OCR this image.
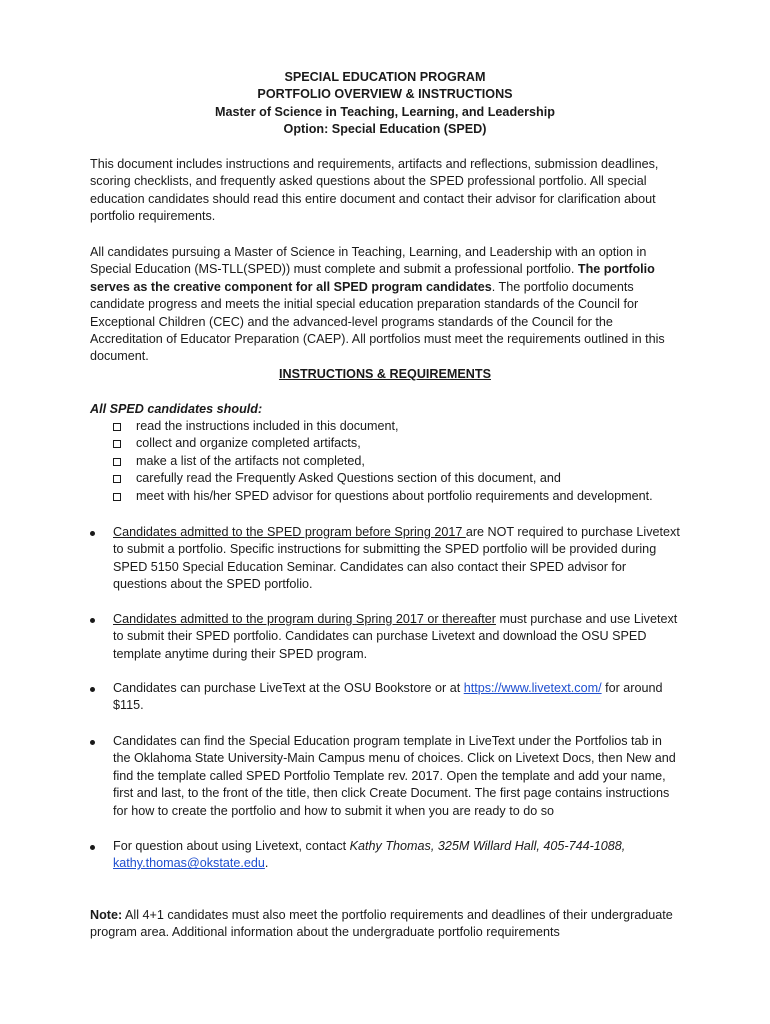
SPECIAL EDUCATION PROGRAM
PORTFOLIO OVERVIEW & INSTRUCTIONS
Master of Science in Teaching, Learning, and Leadership
Option: Special Education (SPED)

This document includes instructions and requirements, artifacts and reflections, submission deadlines, scoring checklists, and frequently asked questions about the SPED professional portfolio. All special education candidates should read this entire document and contact their advisor for clarification about portfolio requirements.

All candidates pursuing a Master of Science in Teaching, Learning, and Leadership with an option in Special Education (MS-TLL(SPED)) must complete and submit a professional portfolio. The portfolio serves as the creative component for all SPED program candidates. The portfolio documents candidate progress and meets the initial special education preparation standards of the Council for Exceptional Children (CEC) and the advanced-level programs standards of the Council for the Accreditation of Educator Preparation (CAEP). All portfolios must meet the requirements outlined in this document.

INSTRUCTIONS & REQUIREMENTS
All SPED candidates should:
read the instructions included in this document,
collect and organize completed artifacts,
make a list of the artifacts not completed,
carefully read the Frequently Asked Questions section of this document, and
meet with his/her SPED advisor for questions about portfolio requirements and development.
Candidates admitted to the SPED program before Spring 2017 are NOT required to purchase Livetext to submit a portfolio. Specific instructions for submitting the SPED portfolio will be provided during SPED 5150 Special Education Seminar. Candidates can also contact their SPED advisor for questions about the SPED portfolio.
Candidates admitted to the program during Spring 2017 or thereafter must purchase and use Livetext to submit their SPED portfolio. Candidates can purchase Livetext and download the OSU SPED template anytime during their SPED program.
Candidates can purchase LiveText at the OSU Bookstore or at https://www.livetext.com/ for around $115.
Candidates can find the Special Education program template in LiveText under the Portfolios tab in the Oklahoma State University-Main Campus menu of choices. Click on Livetext Docs, then New and find the template called SPED Portfolio Template rev. 2017. Open the template and add your name, first and last, to the front of the title, then click Create Document. The first page contains instructions for how to create the portfolio and how to submit it when you are ready to do so
For question about using Livetext, contact Kathy Thomas, 325M Willard Hall, 405-744-1088,
kathy.thomas@okstate.edu.

Note: All 4+1 candidates must also meet the portfolio requirements and deadlines of their undergraduate program area. Additional information about the undergraduate portfolio requirements
